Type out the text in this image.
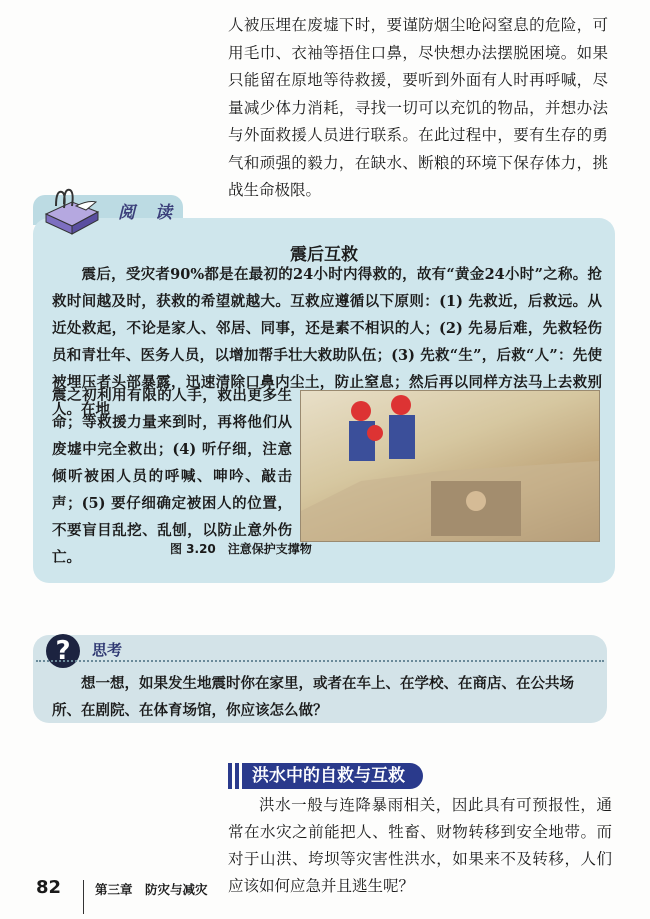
人被压埋在废墟下时，要谨防烟尘呛闷窒息的危险，可用毛巾、衣袖等捂住口鼻，尽快想办法摆脱困境。如果只能留在原地等待救援，要听到外面有人时再呼喊，尽量减少体力消耗，寻找一切可以充饥的物品，并想办法与外面救援人员进行联系。在此过程中，要有生存的勇气和顽强的毅力，在缺水、断粮的环境下保存体力，挑战生命极限。
阅读
震后互救
　　震后，受灾者90%都是在最初的24小时内得救的，故有“黄金24小时”之称。抢救时间越及时，获救的希望就越大。互救应遵循以下原则：(1) 先救近，后救远。从近处救起，不论是家人、邻居、同事，还是素不相识的人；(2) 先易后难，先救轻伤员和青壮年、医务人员，以增加帮手壮大救助队伍；(3) 先救“生”，后救“人”：先使被埋压者头部暴露，迅速清除口鼻内尘土，防止窒息；然后再以同样方法马上去救别人。在地
震之初利用有限的人手，救出更多生命；等救援力量来到时，再将他们从废墟中完全救出；(4) 听仔细，注意倾听被困人员的呼喊、呻吟、敲击声；(5) 要仔细确定被困人的位置，不要盲目乱挖、乱刨，以防止意外伤亡。	图 3.20　注意保护支撑物
?	思考
想一想，如果发生地震时你在家里，或者在车上、在学校、在商店、在公共场所、在剧院、在体育场馆，你应该怎么做？
洪水中的自救与互救
洪水一般与连降暴雨相关，因此具有可预报性，通常在水灾之前能把人、牲畜、财物转移到安全地带。而对于山洪、垮坝等灾害性洪水，如果来不及转移，人们应该如何应急并且逃生呢？
82	第三章　防灾与减灾
